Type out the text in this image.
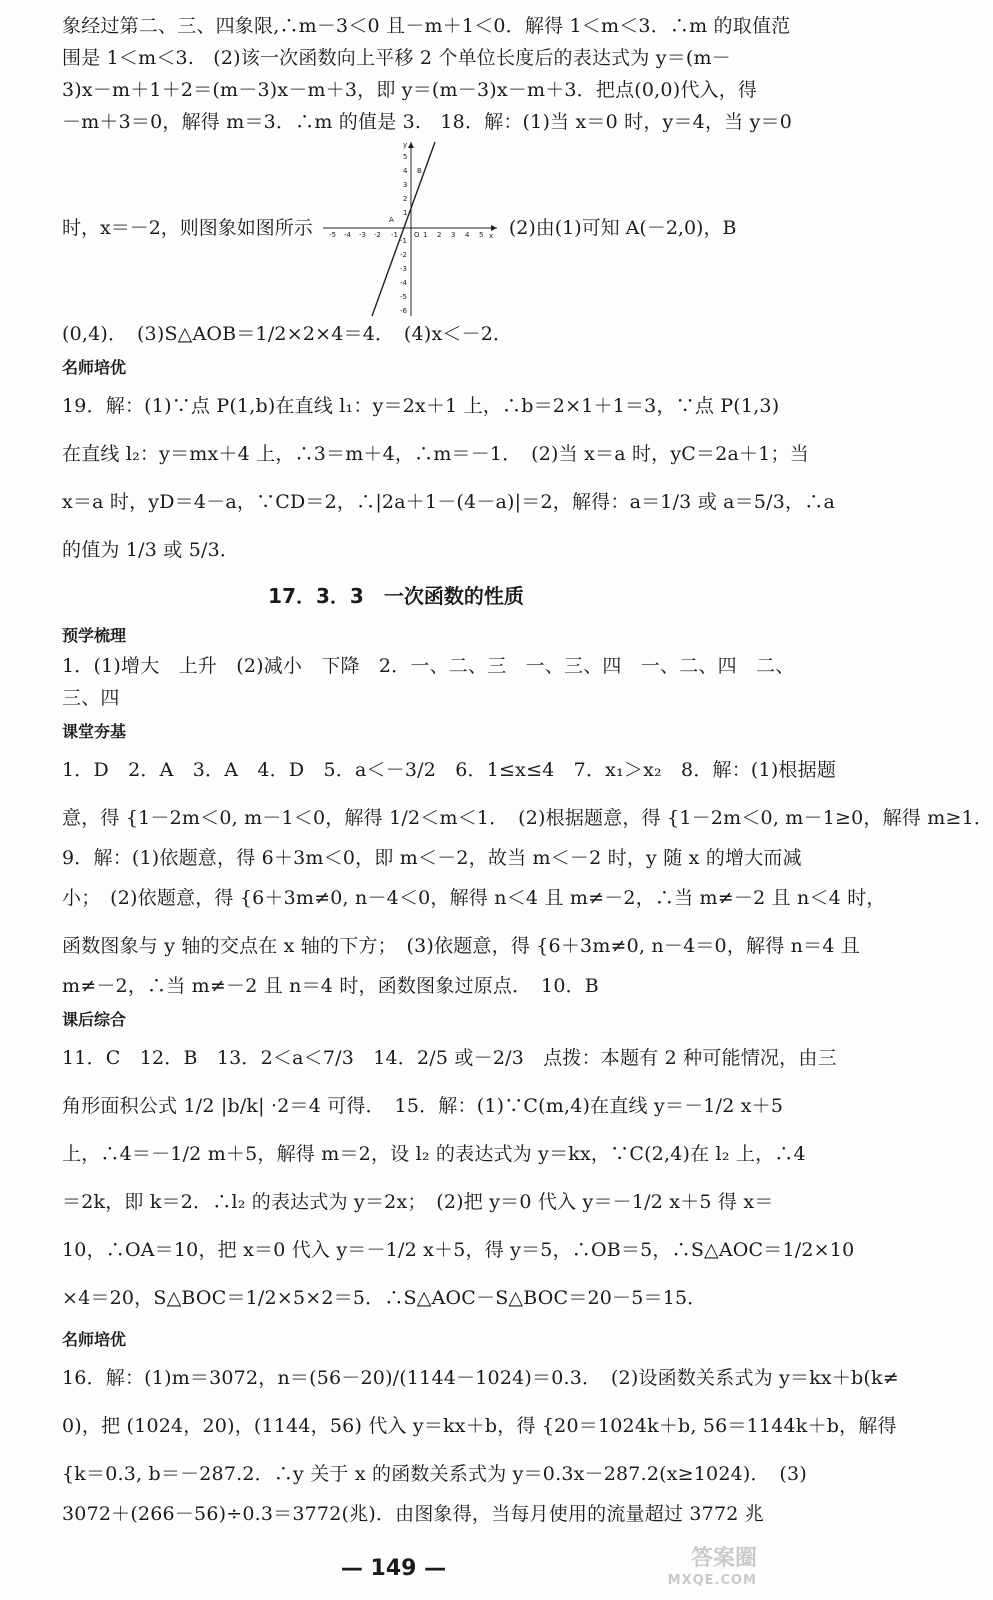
象经过第二、三、四象限,∴m－3＜0 且－m＋1＜0．解得 1＜m＜3．∴m 的取值范
围是 1＜m＜3.　(2)该一次函数向上平移 2 个单位长度后的表达式为 y＝(m－
3)x－m＋1＋2＝(m－3)x－m＋3，即 y＝(m－3)x－m＋3．把点(0,0)代入，得
－m＋3＝0，解得 m＝3．∴m 的值是 3.　18．解：(1)当 x＝0 时，y＝4，当 y＝0
时，x＝－2，则图象如图所示 -5 -4 -3 -2 -1	1 2 3 4 5 x
O
y
5
4
3
2
1
-1
-2
-3
-4
-5
-6
A
B
(2)由(1)可知 A(－2,0)，B
(0,4)．　(3)S△AOB＝1/2×2×4＝4．　(4)x＜－2．
名师培优
19．解：(1)∵点 P(1,b)在直线 l₁：y＝2x＋1 上，∴b＝2×1＋1＝3，∵点 P(1,3)
在直线 l₂：y＝mx＋4 上，∴3＝m＋4，∴m＝－1．　(2)当 x＝a 时，yC＝2a＋1；当
x＝a 时，yD＝4－a，∵CD＝2，∴|2a＋1－(4－a)|＝2，解得：a＝1/3 或 a＝5/3，∴a
的值为 1/3 或 5/3．
17．3．3　一次函数的性质
预学梳理
1．(1)增大　上升　(2)减小　下降　2．一、二、三　一、三、四　一、二、四　二、
三、四
课堂夯基
1．D　2．A　3．A　4．D　5．a＜－3/2　6．1≤x≤4　7．x₁＞x₂　8．解：(1)根据题
意，得 {1－2m＜0, m－1＜0，解得 1/2＜m＜1．　(2)根据题意，得 {1－2m＜0, m－1≥0，解得 m≥1．
9．解：(1)依题意，得 6＋3m＜0，即 m＜－2，故当 m＜－2 时，y 随 x 的增大而减
小；　(2)依题意，得 {6＋3m≠0, n－4＜0，解得 n＜4 且 m≠－2，∴当 m≠－2 且 n＜4 时，
函数图象与 y 轴的交点在 x 轴的下方；　(3)依题意，得 {6＋3m≠0, n－4＝0，解得 n＝4 且
m≠－2，∴当 m≠－2 且 n＝4 时，函数图象过原点．　10．B
课后综合
11．C　12．B　13．2＜a＜7/3　14．2/5 或－2/3　点拨：本题有 2 种可能情况，由三
角形面积公式 1/2 |b/k| ·2＝4 可得．　15．解：(1)∵C(m,4)在直线 y＝－1/2 x＋5
上，∴4＝－1/2 m＋5，解得 m＝2，设 l₂ 的表达式为 y＝kx，∵C(2,4)在 l₂ 上，∴4
＝2k，即 k＝2．∴l₂ 的表达式为 y＝2x；　(2)把 y＝0 代入 y＝－1/2 x＋5 得 x＝
10，∴OA＝10，把 x＝0 代入 y＝－1/2 x＋5，得 y＝5，∴OB＝5，∴S△AOC＝1/2×10
×4＝20，S△BOC＝1/2×5×2＝5．∴S△AOC－S△BOC＝20－5＝15．
名师培优
16．解：(1)m＝3072，n＝(56－20)/(1144－1024)＝0.3．　(2)设函数关系式为 y＝kx＋b(k≠
0)，把 (1024，20)，(1144，56) 代入 y＝kx＋b，得 {20＝1024k＋b, 56＝1144k＋b，解得
{k＝0.3, b＝－287.2．∴y 关于 x 的函数关系式为 y＝0.3x－287.2(x≥1024)．　(3)
3072＋(266－56)÷0.3＝3772(兆)．由图象得，当每月使用的流量超过 3772 兆
— 149 —	答案圈
MXQE.COM
